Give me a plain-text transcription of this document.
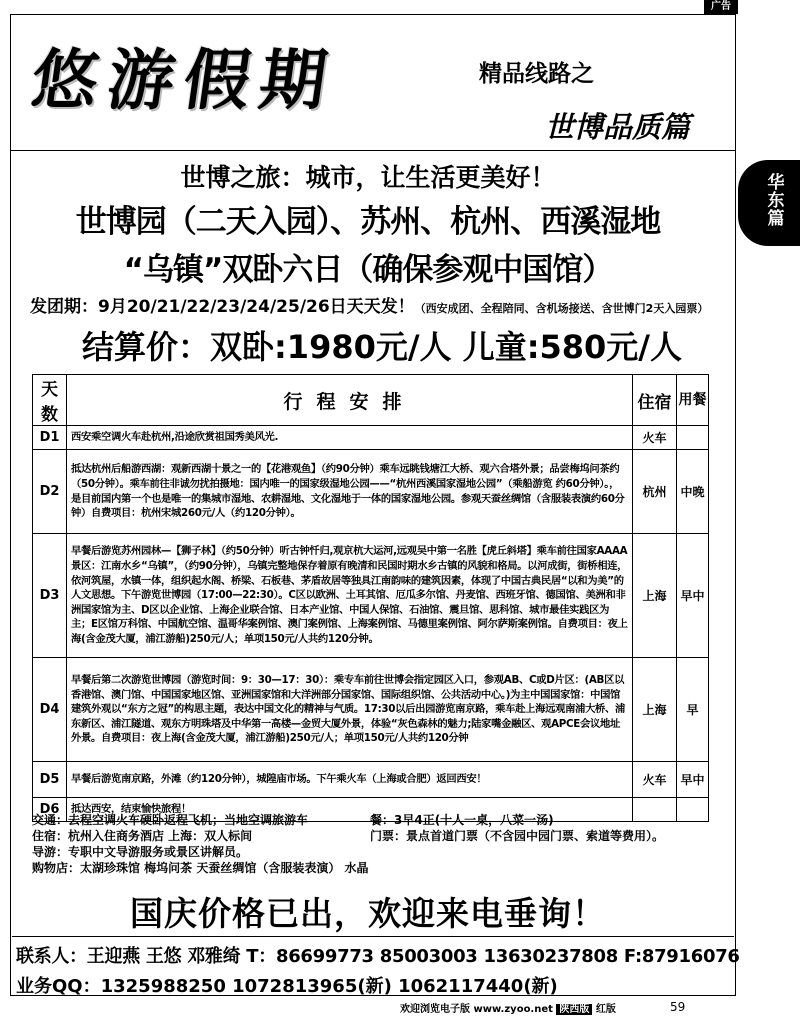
广告
悠游假期	精品线路之
世博品质篇
华
东
篇
世博之旅：城市，让生活更美好！
世博园（二天入园）、苏州、杭州、西溪湿地
“乌镇”双卧六日（确保参观中国馆）
发团期：9月20/21/22/23/24/25/26日天天发！（西安成团、全程陪同、含机场接送、含世博门2天入园票）
结算价：双卧:1980元/人 儿童:580元/人
天数	行程安排	住宿	用餐
D1	西安乘空调火车赴杭州,沿途欣赏祖国秀美风光.	火车	
D2	抵达杭州后船游西湖：观新西湖十景之一的【花港观鱼】（约90分钟）乘车远眺钱塘江大桥、观六合塔外景；品尝梅坞问茶约（50分钟）。乘车前往非诚勿扰拍摄地：国内唯一的国家级湿地公园——“杭州西溪国家湿地公园”（乘船游览 约60分钟）。，是目前国内第一个也是唯一的集城市湿地、农耕湿地、文化湿地于一体的国家湿地公园。参观天蚕丝绸馆（含服装表演约60分钟）自费项目：杭州宋城260元/人（约120分钟）。	杭州	中晚
D3	早餐后游览苏州园林—【狮子林】（约50分钟）听古钟忏归,观京杭大运河,远观吴中第一名胜【虎丘斜塔】乘车前往国家AAAA景区：江南水乡“乌镇”，（约90分钟），乌镇完整地保存着原有晚清和民国时期水乡古镇的风貌和格局。以河成街，街桥相连，依河筑屋，水镇一体，组织起水阁、桥梁、石板巷、茅盾故居等独具江南韵味的建筑因素，体现了中国古典民居“以和为美”的人文思想。下午游览世博园（17:00—22:30）。C区以欧洲、土耳其馆、厄瓜多尔馆、丹麦馆、西班牙馆、德国馆、美洲和非洲国家馆为主、D区以企业馆、上海企业联合馆、日本产业馆、中国人保馆、石油馆、震旦馆、思科馆、城市最佳实践区为主；E区馆万科馆、中国航空馆、温哥华案例馆、澳门案例馆、上海案例馆、马德里案例馆、阿尔萨斯案例馆。自费项目：夜上海(含金茂大厦，浦江游船)250元/人；单项150元/人共约120分钟。	上海	早中
D4	早餐后第二次游览世博园（游览时间：9：30—17：30）：乘专车前往世博会指定园区入口，参观AB、C或D片区：(AB区以香港馆、澳门馆、中国国家地区馆、亚洲国家馆和大洋洲部分国家馆、国际组织馆、公共活动中心。)为主中国国家馆：中国馆建筑外观以“东方之冠”的构思主题，表达中国文化的精神与气质。17:30以后出园游览南京路，乘车赴上海远观南浦大桥、浦东新区、浦江隧道、观东方明珠塔及中华第一高楼—金贸大厦外景，体验“灰色森林的魅力;陆家嘴金融区、观APCE会议地址外景。自费项目：夜上海(含金茂大厦，浦江游船)250元/人；单项150元/人共约120分钟	上海	早
D5	早餐后游览南京路，外滩（约120分钟），城隍庙市场。下午乘火车（上海或合肥）返回西安！	火车	早中
D6	抵达西安，结束愉快旅程！		
交通：去程空调火车硬卧返程飞机；当地空调旅游车	餐：3早4正(十人一桌，八菜一汤)
住宿：杭州入住商务酒店 上海：双人标间	门票：景点首道门票（不含园中园门票、索道等费用）。
导游：专职中文导游服务或景区讲解员。
购物店：太湖珍珠馆 梅坞问茶 天蚕丝绸馆（含服装表演） 水晶
国庆价格已出，欢迎来电垂询！
联系人：王迎燕 王悠 邓雅绮 T：86699773 85003003 13630237808 F:87916076
业务QQ：1325988250 1072813965(新) 1062117440(新)
欢迎浏览电子版 www.zyoo.net 陕西版 红版	59
